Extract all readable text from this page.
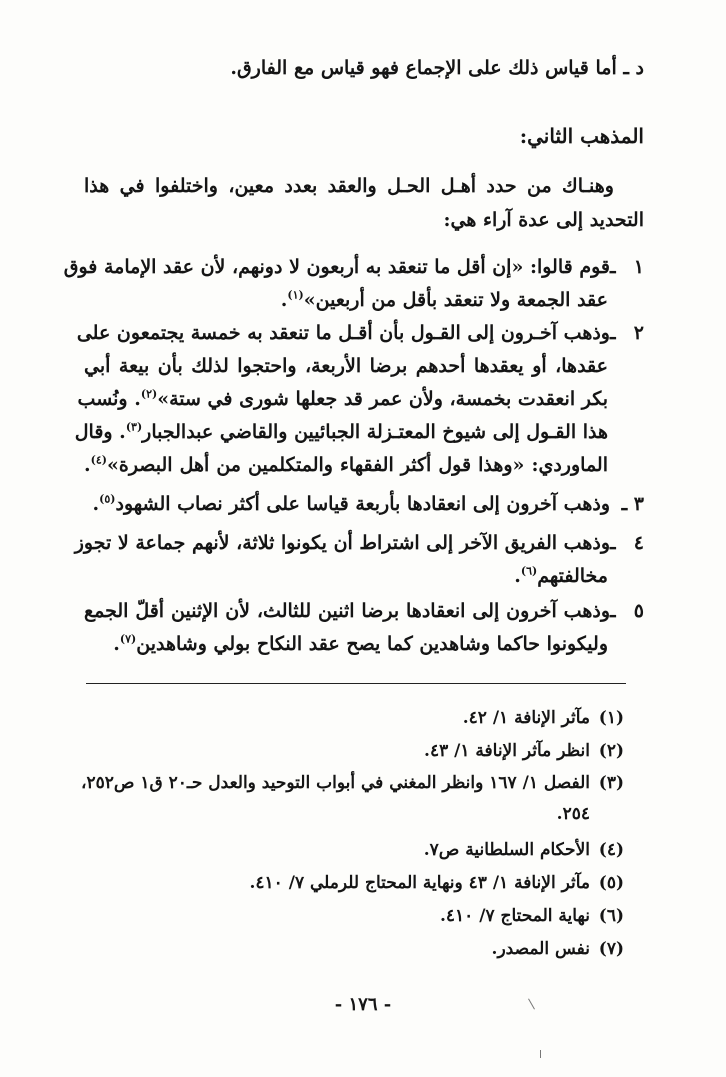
د ـ أما قياس ذلك على الإجماع فهو قياس مع الفارق.
المذهب الثاني:
وهنـاك من حدد أهـل الحـل والعقد بعدد معين، واختلفوا في هذا
التحديد إلى عدة آراء هي:
١ ـقوم قالوا: «إن أقل ما تنعقد به أربعون لا دونهم، لأن عقد الإمامة فوق
عقد الجمعة ولا تنعقد بأقل من أربعين»$^{(١)}$.
٢ ـوذهب آخـرون إلى القـول بأن أقـل ما تنعقد به خمسة يجتمعون على
عقدها، أو يعقدها أحدهم برضا الأربعة، واحتجوا لذلك بأن بيعة أبي
بكر انعقدت بخمسة، ولأن عمر قد جعلها شورى في ستة»$^{(٢)}$. ونُسب
هذا القـول إلى شيوخ المعتـزلة الجبائيين والقاضي عبدالجبار$^{(٣)}$. وقال
الماوردي: «وهذا قول أكثر الفقهاء والمتكلمين من أهل البصرة»$^{(٤)}$.
٣ ـوذهب آخرون إلى انعقادها بأربعة قياسا على أكثر نصاب الشهود$^{(٥)}$.
٤ ـوذهب الفريق الآخر إلى اشتراط أن يكونوا ثلاثة، لأنهم جماعة لا تجوز
مخالفتهم$^{(٦)}$.
٥ ـوذهب آخرون إلى انعقادها برضا اثنين للثالث، لأن الإثنين أقلّ الجمع
وليكونوا حاكما وشاهدين كما يصح عقد النكاح بولي وشاهدين$^{(٧)}$.
(١)مآثر الإنافة ١/ ٤٢.
(٢)انظر مآثر الإنافة ١/ ٤٣.
(٣)الفصل ١/ ١٦٧ وانظر المغني في أبواب التوحيد والعدل حـ٢٠ ق١ ص٢٥٢،
٢٥٤.
(٤)الأحكام السلطانية ص٧.
(٥)مآثر الإنافة ١/ ٤٣ ونهاية المحتاج للرملي ٧/ ٤١٠.
(٦)نهاية المحتاج ٧/ ٤١٠.
(٧)نفس المصدر.
- ١٧٦ -
